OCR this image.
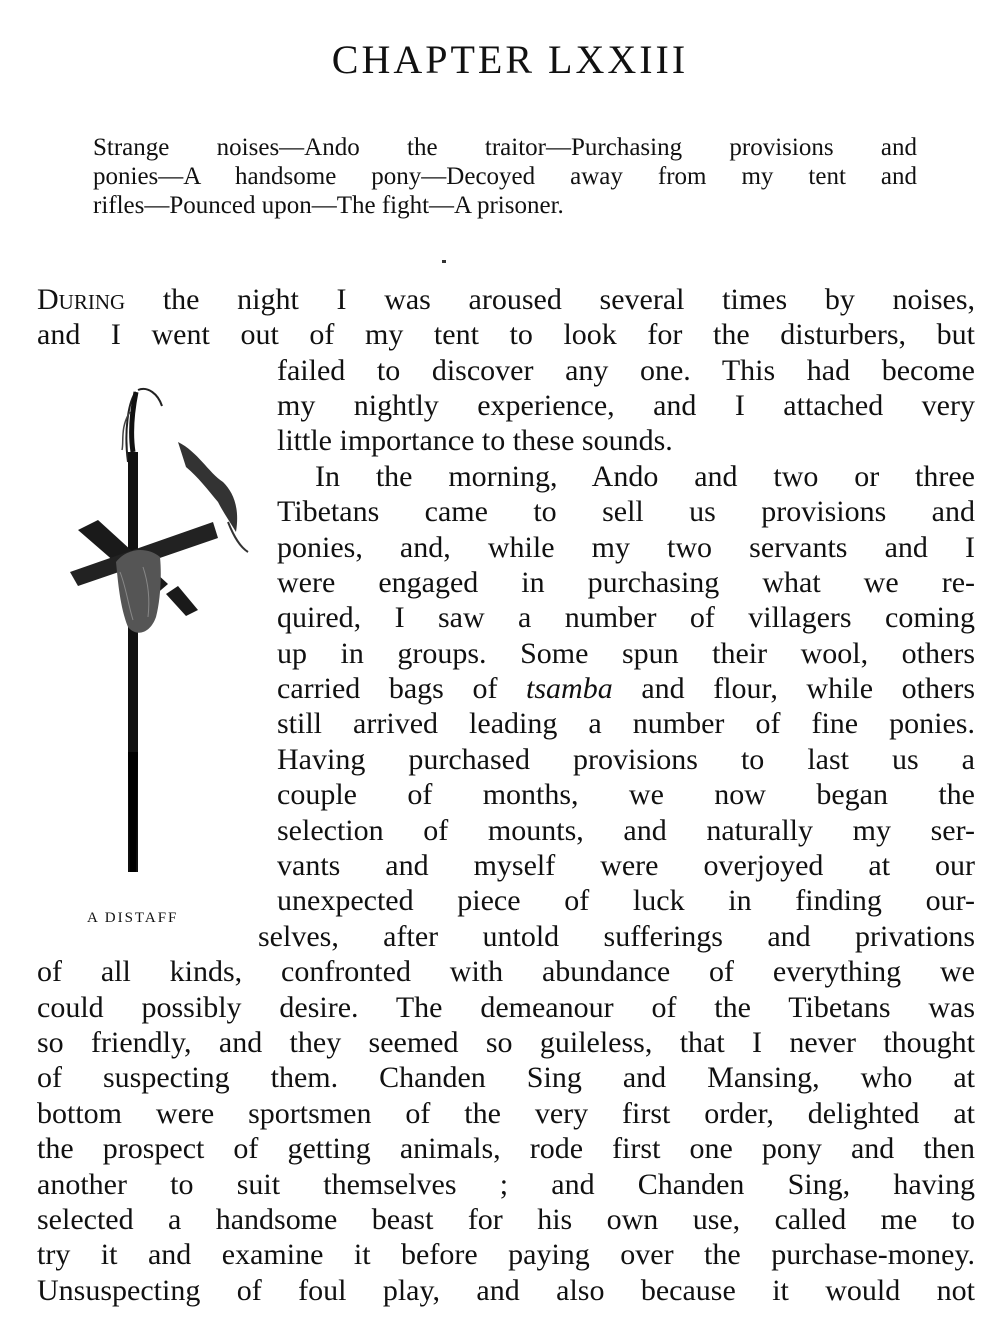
CHAPTER LXXIII
Strange noises—Ando the traitor—Purchasing provisions and
ponies—A handsome pony—Decoyed away from my tent and
rifles—Pounced upon—The fight—A prisoner.
During the night I was aroused several times by noises,
and I went out of my tent to look for the disturbers, but
failed to discover any one. This had become
my nightly experience, and I attached very
little importance to these sounds.
In the morning, Ando and two or three
Tibetans came to sell us provisions and
ponies, and, while my two servants and I
were engaged in purchasing what we re-
quired, I saw a number of villagers coming
up in groups. Some spun their wool, others
carried bags of tsamba and flour, while others
still arrived leading a number of fine ponies.
Having purchased provisions to last us a
couple of months, we now began the
selection of mounts, and naturally my ser-
vants and myself were overjoyed at our
unexpected piece of luck in finding our-
selves, after untold sufferings and privations
of all kinds, confronted with abundance of everything we
could possibly desire. The demeanour of the Tibetans was
so friendly, and they seemed so guileless, that I never thought
of suspecting them. Chanden Sing and Mansing, who at
bottom were sportsmen of the very first order, delighted at
the prospect of getting animals, rode first one pony and then
another to suit themselves ; and Chanden Sing, having
selected a handsome beast for his own use, called me to
try it and examine it before paying over the purchase-money.
Unsuspecting of foul play, and also because it would not
A DISTAFF
